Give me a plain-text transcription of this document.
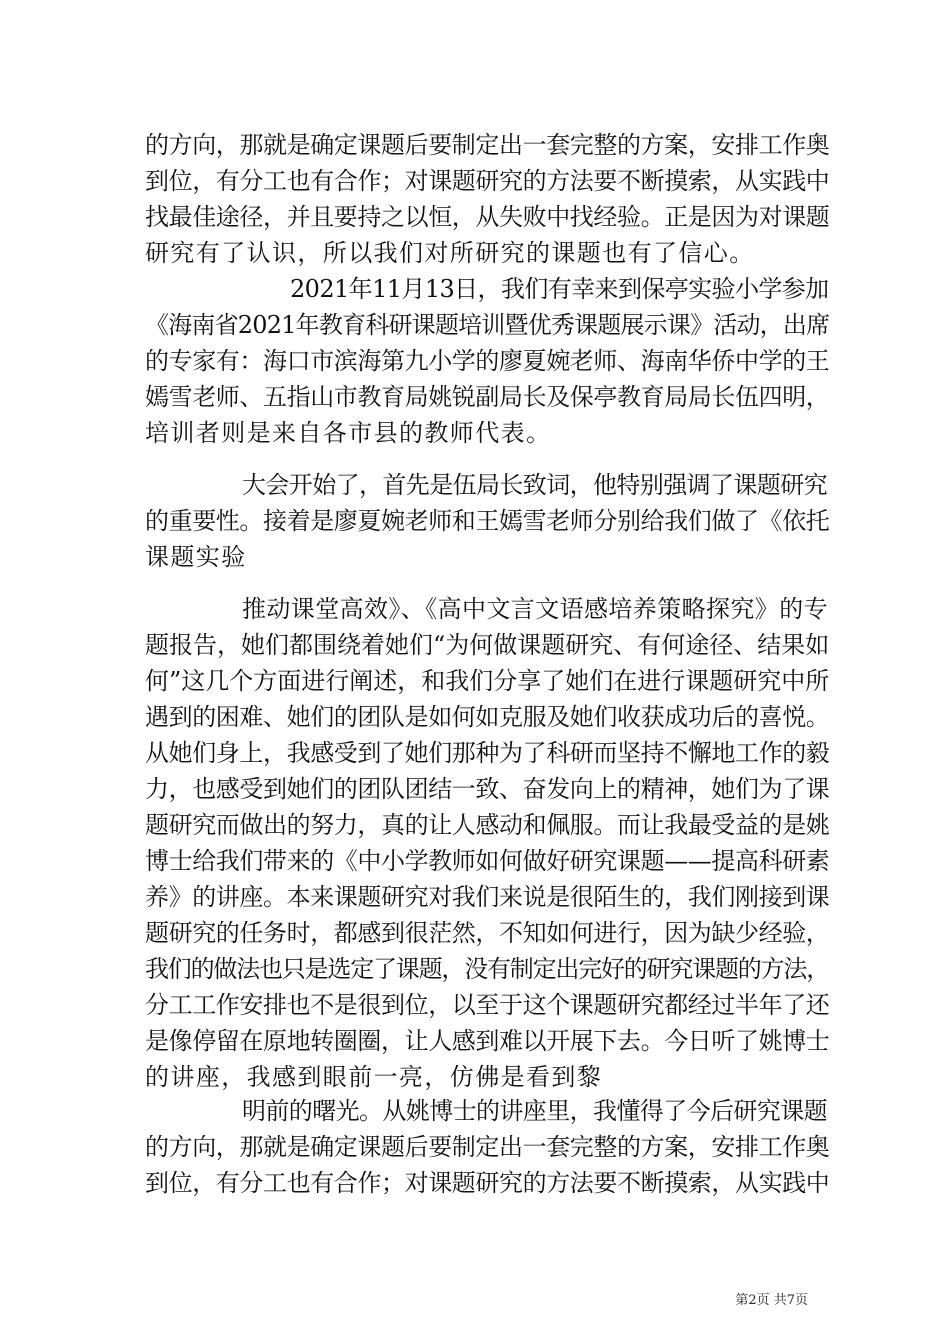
的方向，那就是确定课题后要制定出一套完整的方案，安排工作奥
到位，有分工也有合作；对课题研究的方法要不断摸索，从实践中
找最佳途径，并且要持之以恒，从失败中找经验。正是因为对课题
研究有了认识，所以我们对所研究的课题也有了信心。
2021年11月13日，我们有幸来到保亭实验小学参加
《海南省2021年教育科研课题培训暨优秀课题展示课》活动，出席
的专家有：海口市滨海第九小学的廖夏婉老师、海南华侨中学的王
嫣雪老师、五指山市教育局姚锐副局长及保亭教育局局长伍四明，
培训者则是来自各市县的教师代表。
大会开始了，首先是伍局长致词，他特别强调了课题研究
的重要性。接着是廖夏婉老师和王嫣雪老师分别给我们做了《依托
课题实验
推动课堂高效》、《高中文言文语感培养策略探究》的专
题报告，她们都围绕着她们“为何做课题研究、有何途径、结果如
何”这几个方面进行阐述，和我们分享了她们在进行课题研究中所
遇到的困难、她们的团队是如何如克服及她们收获成功后的喜悦。
从她们身上，我感受到了她们那种为了科研而坚持不懈地工作的毅
力，也感受到她们的团队团结一致、奋发向上的精神，她们为了课
题研究而做出的努力，真的让人感动和佩服。而让我最受益的是姚
博士给我们带来的《中小学教师如何做好研究课题——提高科研素
养》的讲座。本来课题研究对我们来说是很陌生的，我们刚接到课
题研究的任务时，都感到很茫然，不知如何进行，因为缺少经验，
我们的做法也只是选定了课题，没有制定出完好的研究课题的方法，
分工工作安排也不是很到位，以至于这个课题研究都经过半年了还
是像停留在原地转圈圈，让人感到难以开展下去。今日听了姚博士
的讲座，我感到眼前一亮，仿佛是看到黎
明前的曙光。从姚博士的讲座里，我懂得了今后研究课题
的方向，那就是确定课题后要制定出一套完整的方案，安排工作奥
到位，有分工也有合作；对课题研究的方法要不断摸索，从实践中
第2页 共7页
